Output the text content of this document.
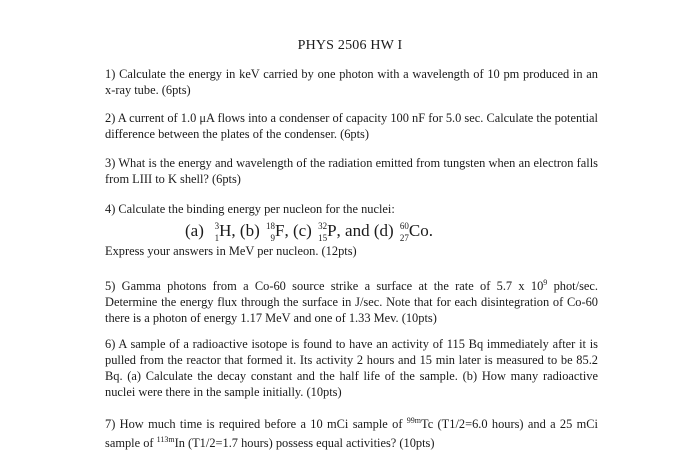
PHYS 2506 HW I

1) Calculate the energy in keV carried by one photon with a wavelength of 10 pm produced in an x-ray tube. (6pts)

2) A current of 1.0 μA flows into a condenser of capacity 100 nF for 5.0 sec. Calculate the potential difference between the plates of the condenser. (6pts)

3) What is the energy and wavelength of the radiation emitted from tungsten when an electron falls from LIII to K shell? (6pts)

4) Calculate the binding energy per nucleon for the nuclei:

(a) 3
1 H, (b) 18
9 F, (c) 32
15 P, and (d) 60
27 Co.
Express your answers in MeV per nucleon. (12pts)

5) Gamma photons from a Co-60 source strike a surface at the rate of 5.7 x $10^9$ phot/sec. Determine the energy flux through the surface in J/sec. Note that for each disintegration of Co-60 there is a photon of energy 1.17 MeV and one of 1.33 Mev. (10pts)

6) A sample of a radioactive isotope is found to have an activity of 115 Bq immediately after it is pulled from the reactor that formed it. Its activity 2 hours and 15 min later is measured to be 85.2 Bq. (a) Calculate the decay constant and the half life of the sample. (b) How many radioactive nuclei were there in the sample initially. (10pts)

7) How much time is required before a 10 mCi sample of $^{99m}$Tc (T1/2=6.0 hours) and a 25 mCi sample of $^{113m}$In (T1/2=1.7 hours) possess equal activities? (10pts)
